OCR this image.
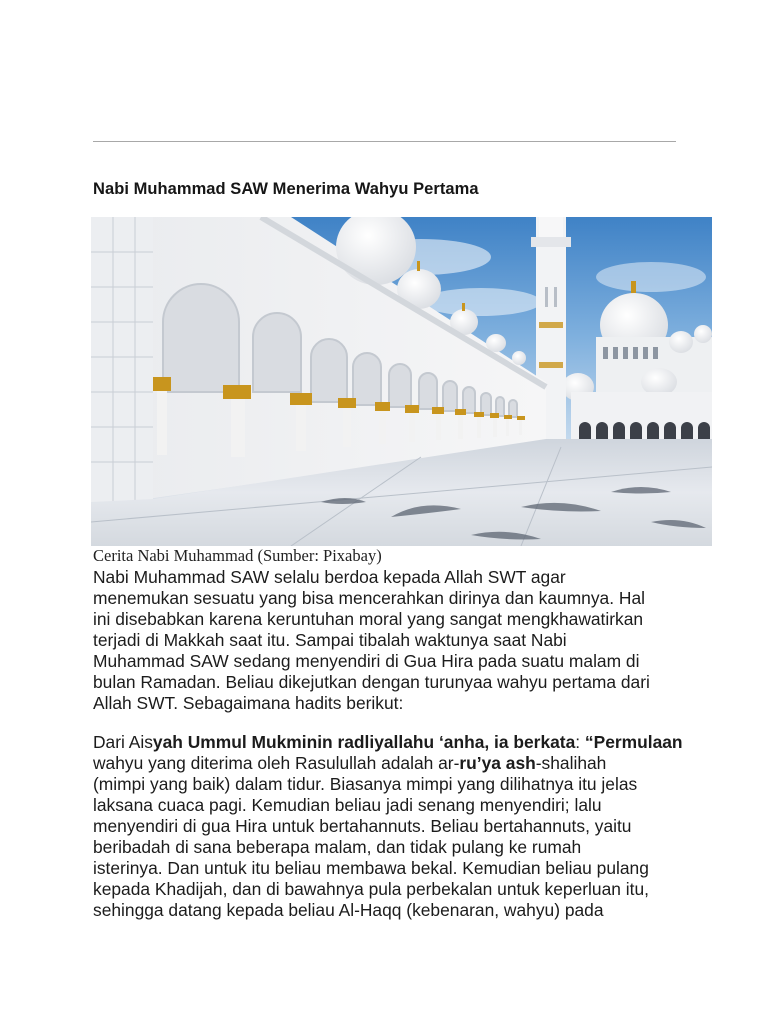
Nabi Muhammad SAW Menerima Wahyu Pertama
Cerita Nabi Muhammad (Sumber: Pixabay)
Nabi Muhammad SAW selalu berdoa kepada Allah SWT agar
menemukan sesuatu yang bisa mencerahkan dirinya dan kaumnya. Hal
ini disebabkan karena keruntuhan moral yang sangat mengkhawatirkan
terjadi di Makkah saat itu. Sampai tibalah waktunya saat Nabi
Muhammad SAW sedang menyendiri di Gua Hira pada suatu malam di
bulan Ramadan. Beliau dikejutkan dengan turunyaa wahyu pertama dari
Allah SWT. Sebagaimana hadits berikut:
Dari Aisyah Ummul Mukminin radliyallahu ‘anha, ia berkata: “Permulaan
wahyu yang diterima oleh Rasulullah adalah ar-ru’ya ash-shalihah
(mimpi yang baik) dalam tidur. Biasanya mimpi yang dilihatnya itu jelas
laksana cuaca pagi. Kemudian beliau jadi senang menyendiri; lalu
menyendiri di gua Hira untuk bertahannuts. Beliau bertahannuts, yaitu
beribadah di sana beberapa malam, dan tidak pulang ke rumah
isterinya. Dan untuk itu beliau membawa bekal. Kemudian beliau pulang
kepada Khadijah, dan di bawahnya pula perbekalan untuk keperluan itu,
sehingga datang kepada beliau Al-Haqq (kebenaran, wahyu) pada
